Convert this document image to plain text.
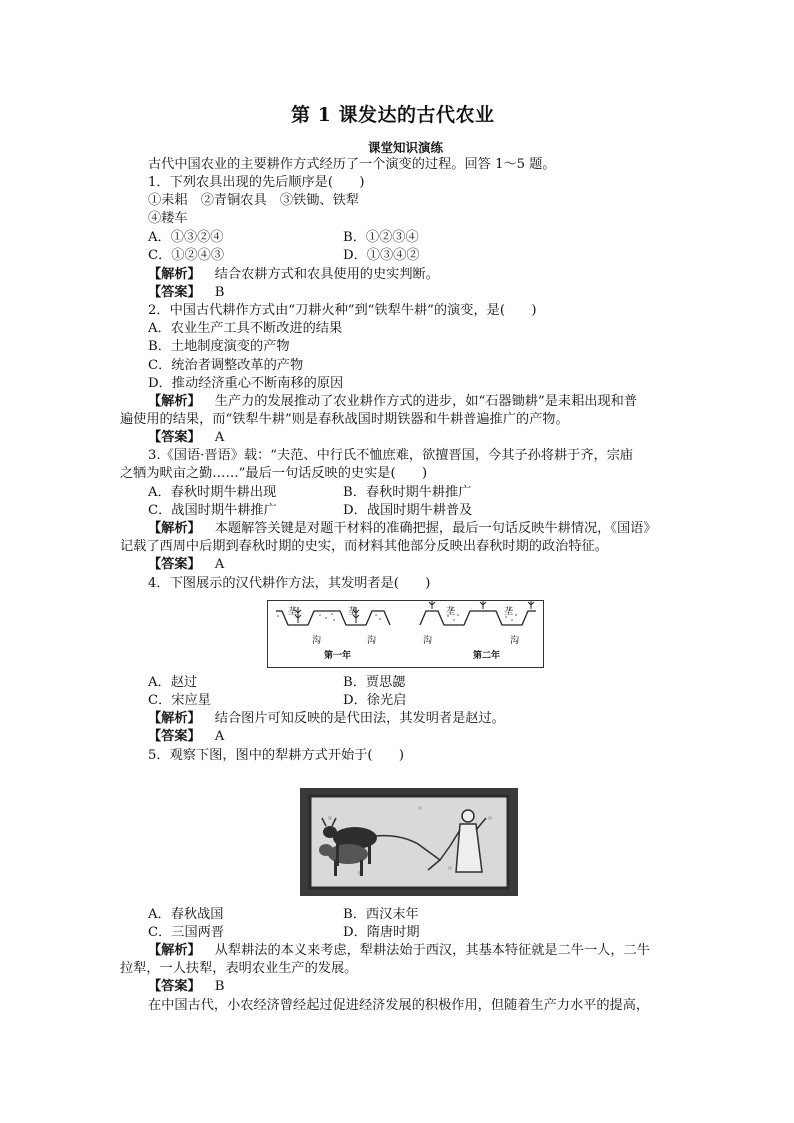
第 1 课发达的古代农业
课堂知识演练
古代中国农业的主要耕作方式经历了一个演变的过程。回答 1～5 题。
1．下列农具出现的先后顺序是(　　)
①耒耜　②青铜农具　③铁锄、铁犁
④耧车
A．①③②④	B．①②③④
C．①②④③	D．①③④②
【解析】 结合农耕方式和农具使用的史实判断。
【答案】 B
2．中国古代耕作方式由“刀耕火种”到“铁犁牛耕”的演变，是(　　)
A．农业生产工具不断改进的结果
B．土地制度演变的产物
C．统治者调整改革的产物
D．推动经济重心不断南移的原因
【解析】 生产力的发展推动了农业耕作方式的进步，如“石器锄耕”是耒耜出现和普
遍使用的结果，而“铁犁牛耕”则是春秋战国时期铁器和牛耕普遍推广的产物。
【答案】 A
3.《国语·晋语》载：“夫范、中行氏不恤庶难，欲擅晋国，今其子孙将耕于齐，宗庙
之牺为畎亩之勤……”最后一句话反映的史实是(　　)
A．春秋时期牛耕出现	B．春秋时期牛耕推广
C．战国时期牛耕推广	D．战国时期牛耕普及
【解析】 本题解答关键是对题干材料的准确把握，最后一句话反映牛耕情况，《国语》
记载了西周中后期到春秋时期的史实，而材料其他部分反映出春秋时期的政治特征。
【答案】 A
4．下图展示的汉代耕作方法，其发明者是(　　)
垄	垄	垄	垄
沟	沟	沟	沟
第一年	第二年
A．赵过	B．贾思勰
C．宋应星	D．徐光启
【解析】 结合图片可知反映的是代田法，其发明者是赵过。
【答案】 A
5．观察下图，图中的犁耕方式开始于(　　)
A．春秋战国	B．西汉末年
C．三国两晋	D．隋唐时期
【解析】 从犁耕法的本义来考虑，犁耕法始于西汉，其基本特征就是二牛一人，二牛
拉犁，一人扶犁，表明农业生产的发展。
【答案】 B
在中国古代，小农经济曾经起过促进经济发展的积极作用，但随着生产力水平的提高，
